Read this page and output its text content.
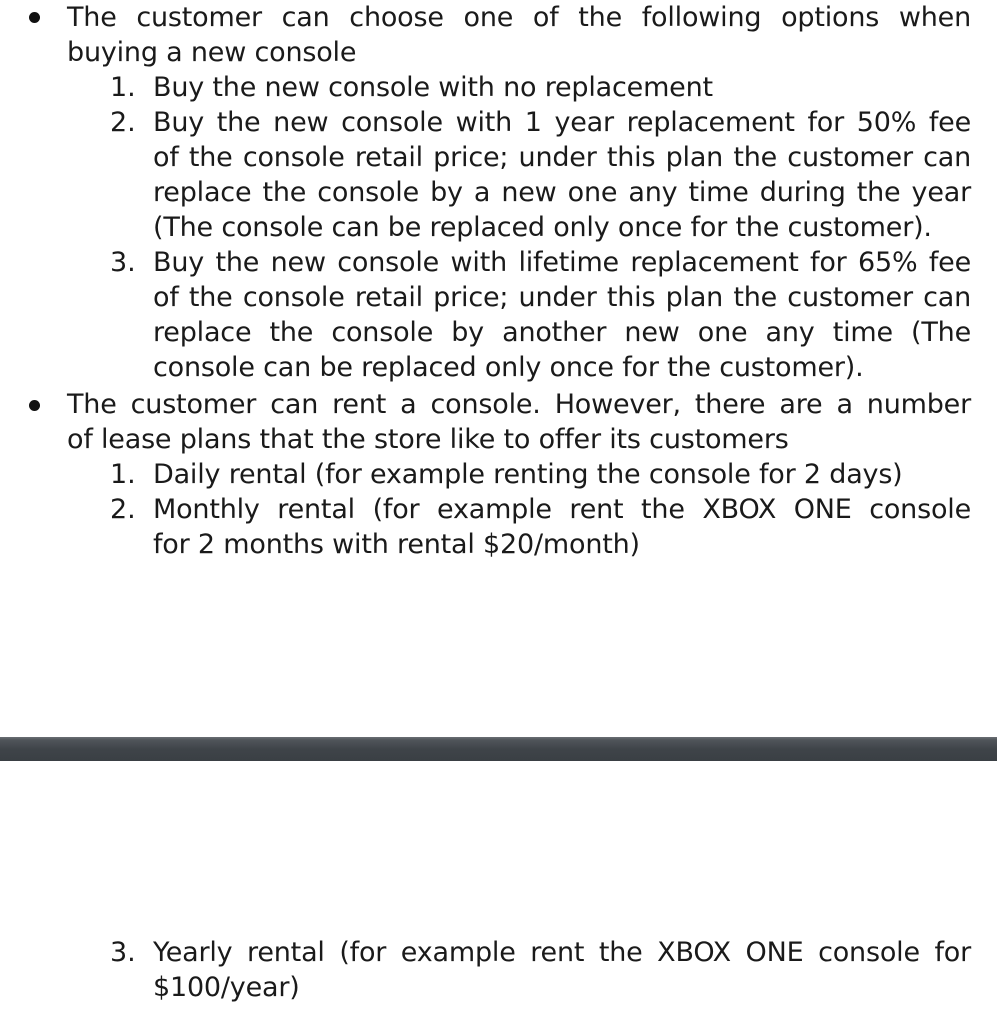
The customer can choose one of the following options when
buying a new console
1. Buy the new console with no replacement
2. Buy the new console with 1 year replacement for 50% fee
of the console retail price; under this plan the customer can
replace the console by a new one any time during the year
(The console can be replaced only once for the customer).
3. Buy the new console with lifetime replacement for 65% fee
of the console retail price; under this plan the customer can
replace the console by another new one any time (The
console can be replaced only once for the customer).
The customer can rent a console. However, there are a number
of lease plans that the store like to offer its customers
1. Daily rental (for example renting the console for 2 days)
2. Monthly rental (for example rent the XBOX ONE console
for 2 months with rental $20/month)
3. Yearly rental (for example rent the XBOX ONE console for
$100/year)
